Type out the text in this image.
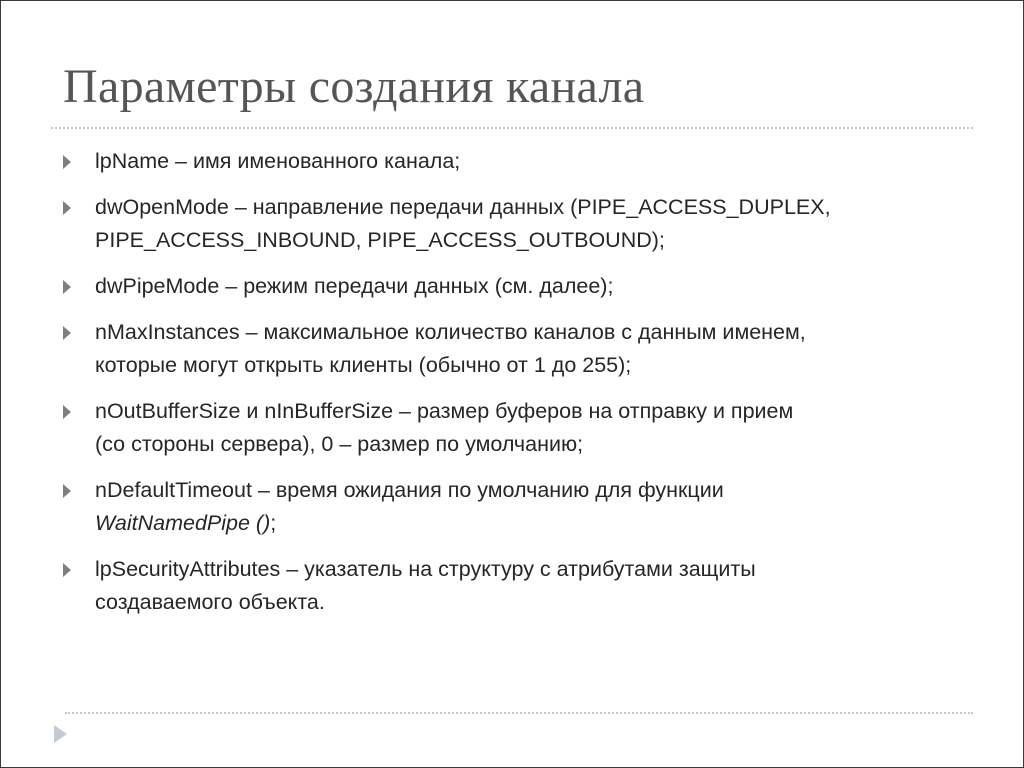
Параметры создания канала
lpName – имя именованного канала;
dwOpenMode – направление передачи данных (PIPE_ACCESS_DUPLEX,
PIPE_ACCESS_INBOUND, PIPE_ACCESS_OUTBOUND);
dwPipeMode – режим передачи данных (см. далее);
nMaxInstances – максимальное количество каналов с данным именем,
которые могут открыть клиенты (обычно от 1 до 255);
nOutBufferSize и nInBufferSize – размер буферов на отправку и прием
(со стороны сервера), 0 – размер по умолчанию;
nDefaultTimeout – время ожидания по умолчанию для функции
WaitNamedPipe ();
lpSecurityAttributes – указатель на структуру с атрибутами защиты
создаваемого объекта.
